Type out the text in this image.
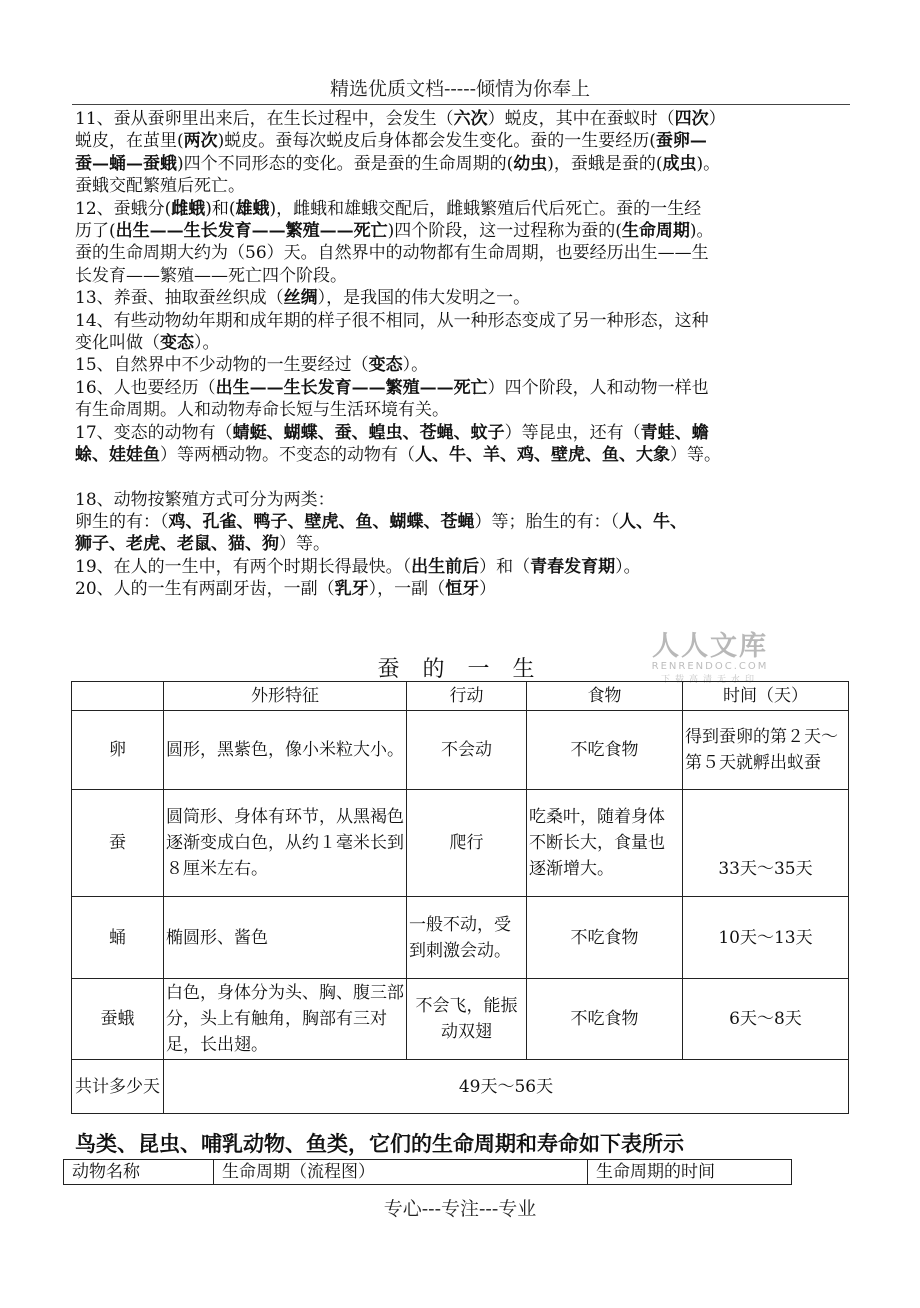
精选优质文档-----倾情为你奉上

11、蚕从蚕卵里出来后，在生长过程中，会发生（六次）蜕皮，其中在蚕蚁时（四次）
蜕皮，在茧里(两次)蜕皮。蚕每次蜕皮后身体都会发生变化。蚕的一生要经历(蚕卵—
蚕—蛹—蚕蛾)四个不同形态的变化。蚕是蚕的生命周期的(幼虫)，蚕蛾是蚕的(成虫)。
蚕蛾交配繁殖后死亡。

12、蚕蛾分(雌蛾)和(雄蛾)，雌蛾和雄蛾交配后，雌蛾繁殖后代后死亡。蚕的一生经
历了(出生——生长发育——繁殖——死亡)四个阶段，这一过程称为蚕的(生命周期)。
蚕的生命周期大约为（56）天。自然界中的动物都有生命周期，也要经历出生——生
长发育——繁殖——死亡四个阶段。

13、养蚕、抽取蚕丝织成（丝绸），是我国的伟大发明之一。

14、有些动物幼年期和成年期的样子很不相同，从一种形态变成了另一种形态，这种
变化叫做（变态）。

15、自然界中不少动物的一生要经过（变态）。

16、人也要经历（出生——生长发育——繁殖——死亡）四个阶段，人和动物一样也
有生命周期。人和动物寿命长短与生活环境有关。

17、变态的动物有（蜻蜓、蝴蝶、蚕、蝗虫、苍蝇、蚊子）等昆虫，还有（青蛙、蟾
蜍、娃娃鱼）等两栖动物。不变态的动物有（人、牛、羊、鸡、壁虎、鱼、大象）等。

18、动物按繁殖方式可分为两类：

卵生的有：（鸡、孔雀、鸭子、壁虎、鱼、蝴蝶、苍蝇）等；胎生的有：（人、牛、
狮子、老虎、老鼠、猫、狗）等。

19、在人的一生中，有两个时期长得最快。（出生前后）和（青春发育期）。

20、人的一生有两副牙齿，一副（乳牙），一副（恒牙）

人人文库
RENRENDOC.COM
下载高清无水印
蚕 的 一 生
	外形特征	行动	食物	时间（天）
卵	圆形，黑紫色，像小米粒大小。	不会动	不吃食物	得到蚕卵的第２天～第５天就孵出蚁蚕
蚕	圆筒形、身体有环节，从黑褐色逐渐变成白色，从约１毫米长到８厘米左右。	爬行	吃桑叶，随着身体不断长大，食量也逐渐增大。	33天～35天
蛹	椭圆形、酱色	一般不动，受到刺激会动。	不吃食物	10天～13天
蚕蛾	白色，身体分为头、胸、腹三部分，头上有触角，胸部有三对足，长出翅。	不会飞，能振动双翅	不吃食物	6天～8天
共计多少天	49天～56天			
鸟类、昆虫、哺乳动物、鱼类，它们的生命周期和寿命如下表所示
动物名称	生命周期（流程图）	生命周期的时间
专心---专注---专业
